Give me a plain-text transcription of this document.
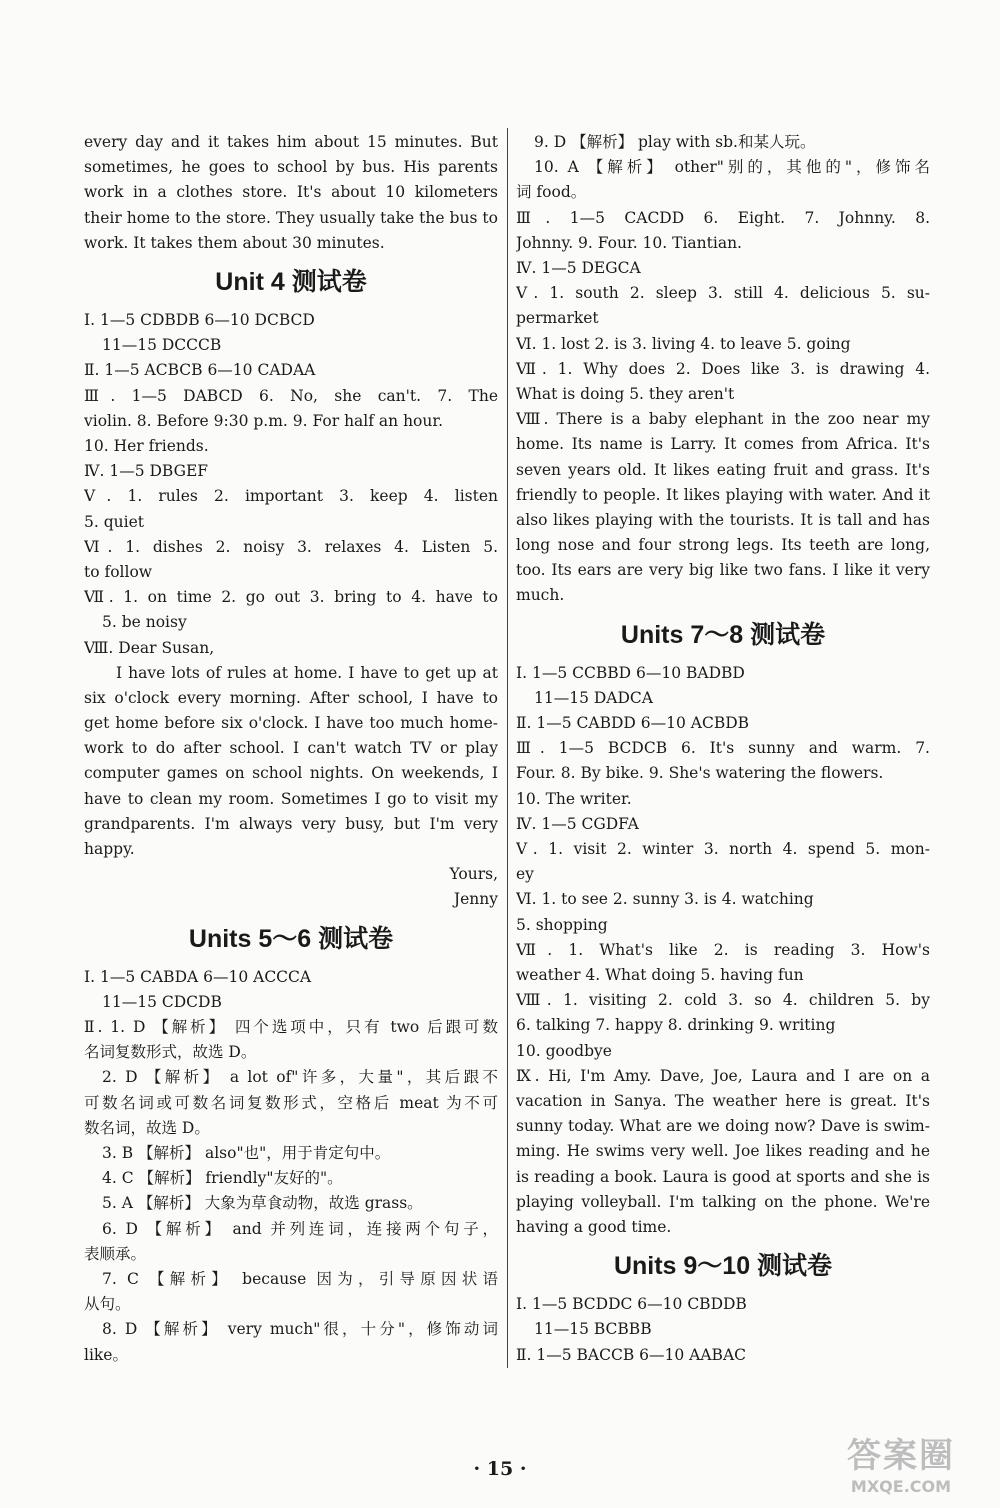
every day and it takes him about 15 minutes. But
sometimes, he goes to school by bus. His parents
work in a clothes store. It's about 10 kilometers
their home to the store. They usually take the bus to
work. It takes them about 30 minutes.
Unit 4 测试卷
Ⅰ. 1—5 CDBDB 6—10 DCBCD
11—15 DCCCB
Ⅱ. 1—5 ACBCB 6—10 CADAA
Ⅲ. 1—5 DABCD 6. No, she can't. 7. The
violin. 8. Before 9:30 p.m. 9. For half an hour.
10. Her friends.
Ⅳ. 1—5 DBGEF
Ⅴ. 1. rules 2. important 3. keep 4. listen
5. quiet
Ⅵ. 1. dishes 2. noisy 3. relaxes 4. Listen 5.
to follow
Ⅶ. 1. on time 2. go out 3. bring to 4. have to
5. be noisy
Ⅷ. Dear Susan,
I have lots of rules at home. I have to get up at
six o'clock every morning. After school, I have to
get home before six o'clock. I have too much home-
work to do after school. I can't watch TV or play
computer games on school nights. On weekends, I
have to clean my room. Sometimes I go to visit my
grandparents. I'm always very busy, but I'm very
happy.
Yours,
Jenny
Units 5～6 测试卷
Ⅰ. 1—5 CABDA 6—10 ACCCA
11—15 CDCDB
Ⅱ. 1. D 【解析】 四个选项中，只有 two 后跟可数
名词复数形式，故选 D。
2. D 【解析】 a lot of"许多，大量"，其后跟不
可数名词或可数名词复数形式，空格后 meat 为不可
数名词，故选 D。
3. B 【解析】 also"也"，用于肯定句中。
4. C 【解析】 friendly"友好的"。
5. A 【解析】 大象为草食动物，故选 grass。
6. D 【解析】 and 并列连词，连接两个句子，
表顺承。
7. C 【解析】 because 因为，引导原因状语
从句。
8. D 【解析】 very much"很，十分"，修饰动词
like。
9. D 【解析】 play with sb.和某人玩。
10. A 【解析】 other"别的，其他的"，修饰名
词 food。
Ⅲ. 1—5 CACDD 6. Eight. 7. Johnny. 8.
Johnny. 9. Four. 10. Tiantian.
Ⅳ. 1—5 DEGCA
Ⅴ. 1. south 2. sleep 3. still 4. delicious 5. su-
permarket
Ⅵ. 1. lost 2. is 3. living 4. to leave 5. going
Ⅶ. 1. Why does 2. Does like 3. is drawing 4.
What is doing 5. they aren't
Ⅷ. There is a baby elephant in the zoo near my
home. Its name is Larry. It comes from Africa. It's
seven years old. It likes eating fruit and grass. It's
friendly to people. It likes playing with water. And it
also likes playing with the tourists. It is tall and has
long nose and four strong legs. Its teeth are long,
too. Its ears are very big like two fans. I like it very
much.
Units 7～8 测试卷
Ⅰ. 1—5 CCBBD 6—10 BADBD
11—15 DADCA
Ⅱ. 1—5 CABDD 6—10 ACBDB
Ⅲ. 1—5 BCDCB 6. It's sunny and warm. 7.
Four. 8. By bike. 9. She's watering the flowers.
10. The writer.
Ⅳ. 1—5 CGDFA
Ⅴ. 1. visit 2. winter 3. north 4. spend 5. mon-
ey
Ⅵ. 1. to see 2. sunny 3. is 4. watching
5. shopping
Ⅶ. 1. What's like 2. is reading 3. How's
weather 4. What doing 5. having fun
Ⅷ. 1. visiting 2. cold 3. so 4. children 5. by
6. talking 7. happy 8. drinking 9. writing
10. goodbye
Ⅸ. Hi, I'm Amy. Dave, Joe, Laura and I are on a
vacation in Sanya. The weather here is great. It's
sunny today. What are we doing now? Dave is swim-
ming. He swims very well. Joe likes reading and he
is reading a book. Laura is good at sports and she is
playing volleyball. I'm talking on the phone. We're
having a good time.
Units 9～10 测试卷
Ⅰ. 1—5 BCDDC 6—10 CBDDB
11—15 BCBBB
Ⅱ. 1—5 BACCB 6—10 AABAC
· 15 ·	答案圈
MXQE.COM
